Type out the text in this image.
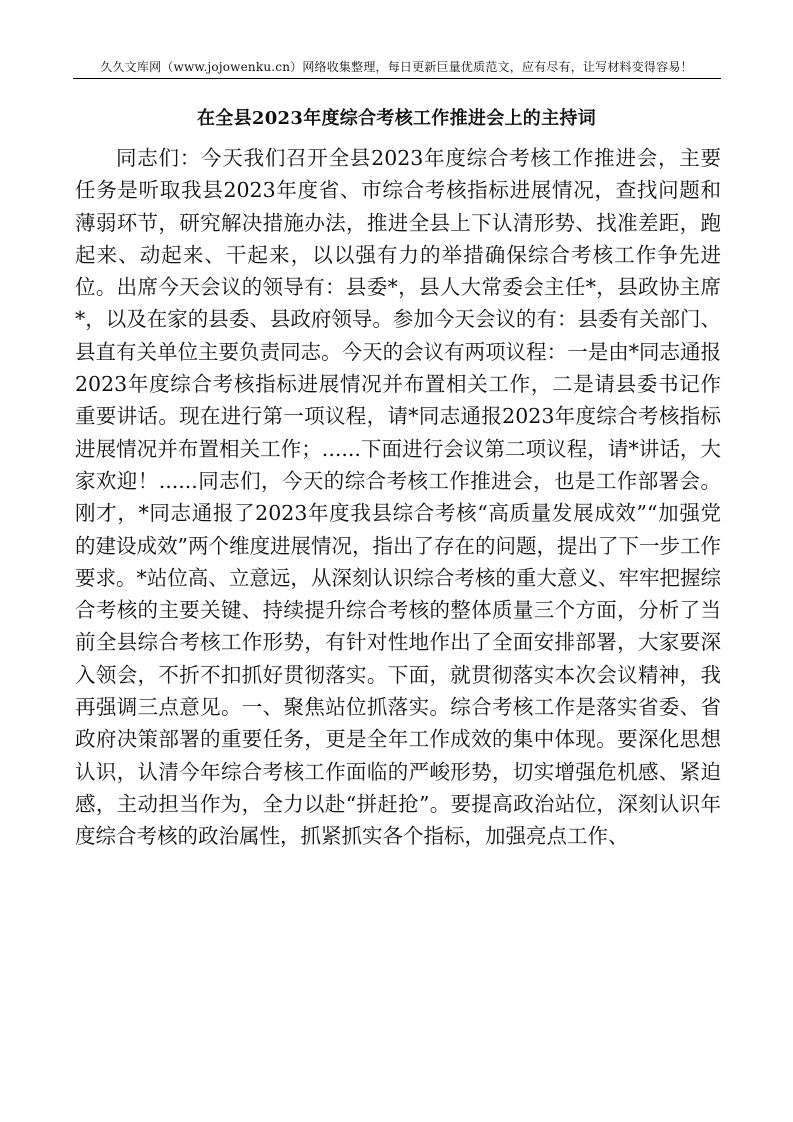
久久文库网（www.jojowenku.cn）网络收集整理，每日更新巨量优质范文，应有尽有，让写材料变得容易！
在全县2023年度综合考核工作推进会上的主持词

同志们：今天我们召开全县2023年度综合考核工作推进会，主要任务是听取我县2023年度省、市综合考核指标进展情况，查找问题和薄弱环节，研究解决措施办法，推进全县上下认清形势、找准差距，跑起来、动起来、干起来，以以强有力的举措确保综合考核工作争先进位。出席今天会议的领导有：县委*，县人大常委会主任*，县政协主席*，以及在家的县委、县政府领导。参加今天会议的有：县委有关部门、县直有关单位主要负责同志。今天的会议有两项议程：一是由*同志通报2023年度综合考核指标进展情况并布置相关工作，二是请县委书记作重要讲话。现在进行第一项议程，请*同志通报2023年度综合考核指标进展情况并布置相关工作；......下面进行会议第二项议程，请*讲话，大家欢迎！......同志们，今天的综合考核工作推进会，也是工作部署会。刚才，*同志通报了2023年度我县综合考核“高质量发展成效”“加强党的建设成效”两个维度进展情况，指出了存在的问题，提出了下一步工作要求。*站位高、立意远，从深刻认识综合考核的重大意义、牢牢把握综合考核的主要关键、持续提升综合考核的整体质量三个方面，分析了当前全县综合考核工作形势，有针对性地作出了全面安排部署，大家要深入领会，不折不扣抓好贯彻落实。下面，就贯彻落实本次会议精神，我再强调三点意见。一、聚焦站位抓落实。综合考核工作是落实省委、省政府决策部署的重要任务，更是全年工作成效的集中体现。要深化思想认识，认清今年综合考核工作面临的严峻形势，切实增强危机感、紧迫感，主动担当作为，全力以赴“拼赶抢”。要提高政治站位，深刻认识年度综合考核的政治属性，抓紧抓实各个指标，加强亮点工作、
